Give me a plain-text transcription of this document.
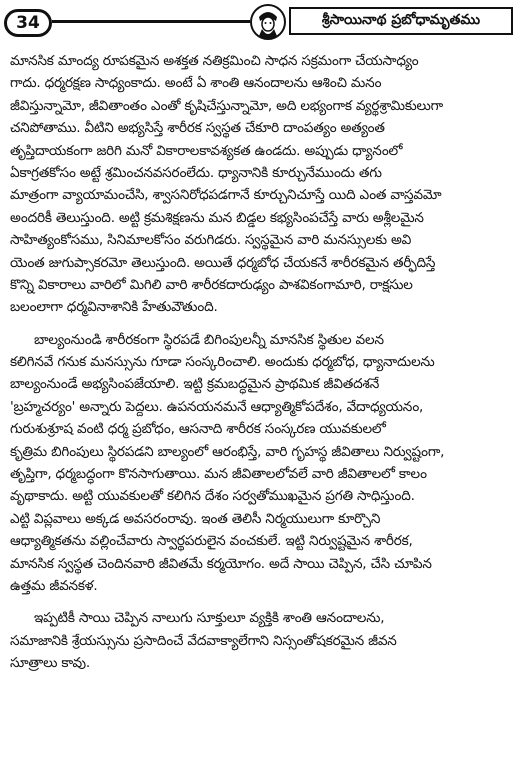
34	శ్రీసాయినాథ ప్రబోధామృతము
మానసిక మాంద్య రూపకమైన అశక్తత నతిక్రమించి సాధన సక్రమంగా చేయసాధ్యం
గాదు. ధర్మరక్షణ సాధ్యంకాదు. అంటే ఏ శాంతి ఆనందాలను ఆశించి మనం
జీవిస్తున్నామో, జీవితాంతం ఎంతో కృషిచేస్తున్నామో, అది లభ్యంగాక వ్యర్థశ్రామికులుగా
చనిపోతాము. వీటిని అభ్యసిస్తే శారీరక స్వస్థత చేకూరి దాంపత్యం అత్యంత
తృప్తిదాయకంగా జరిగి మనో వికారాలకావశ్యకత ఉండదు. అప్పుడు ధ్యానంలో
ఏకాగ్రతకోసం అట్టే శ్రమించనవసరంలేదు. ధ్యానానికి కూర్చునేముందు తగు
మాత్రంగా వ్యాయామంచేసి, శ్వాసనిరోధపడగానే కూర్చునిచూస్తే యిది ఎంత వాస్తవమో
అందరికీ తెలుస్తుంది. అట్టి క్రమశిక్షణను మన బిడ్డల కభ్యసింపచేస్తే వారు అశ్లీలమైన
సాహిత్యంకోసము, సినిమాలకోసం వరుగిడరు. స్వస్థమైన వారి మనస్సులకు అవి
యెంత జుగుప్సాకరమో తెలుస్తుంది. అయితే ధర్మబోధ చేయకనే శారీరకమైన తర్ఫీదిస్తే
కొన్ని వికారాలు వారిలో మిగిలి వారి శారీరకదారుఢ్యం పాశవికంగామారి, రాక్షసుల
బలంలాగా ధర్మవినాశానికి హేతువౌతుంది.
బాల్యంనుండి శారీరకంగా స్థిరపడే బిగింపులన్నీ మానసిక స్థితుల వలన
కలిగినవే గనుక మనస్సును గూడా సంస్కరించాలి. అందుకు ధర్మబోధ, ధ్యానాదులను
బాల్యంనుండే అభ్యసింపజేయాలి. ఇట్టి క్రమబద్ధమైన ప్రాథమిక జీవితదశనే
'బ్రహ్మచర్యం' అన్నారు పెద్దలు. ఉపనయనమనే ఆధ్యాత్మికోపదేశం, వేదాధ్యయనం,
గురుశుశ్రూష వంటి ధర్మ ప్రబోధం, ఆసనాది శారీరక సంస్కరణ యువకులలో
కృత్రిమ బిగింపులు స్థిరపడని బాల్యంలో ఆరంభిస్తే, వారి గృహస్థ జీవితాలు నిర్వుష్టంగా,
తృప్తిగా, ధర్మబద్ధంగా కొనసాగుతాయి. మన జీవితాలలోవలే వారి జీవితాలలో కాలం
వృథాకాదు. అట్టి యువకులతో కలిగిన దేశం సర్వతోముఖమైన ప్రగతి సాధిస్తుంది.
ఎట్టి విప్లవాలు అక్కడ అవసరంరావు. ఇంత తెలిసీ నిర్మయులుగా కూర్చొని
ఆధ్యాత్మికతను వల్లించేవారు స్వార్థపరులైన వంచకులే. ఇట్టి నిర్వుష్టమైన శారీరక,
మానసిక స్వస్థత చెందినవారి జీవితమే కర్మయోగం. అదే సాయి చెప్పిన, చేసి చూపిన
ఉత్తమ జీవనకళ.
ఇప్పటికీ సాయి చెప్పిన నాలుగు సూక్తులూ వ్యక్తికి శాంతి ఆనందాలను,
సమాజానికి శ్రేయస్సును ప్రసాదించే వేదవాక్యాలేగాని నిస్సంతోషకరమైన జీవన
సూత్రాలు కావు.
